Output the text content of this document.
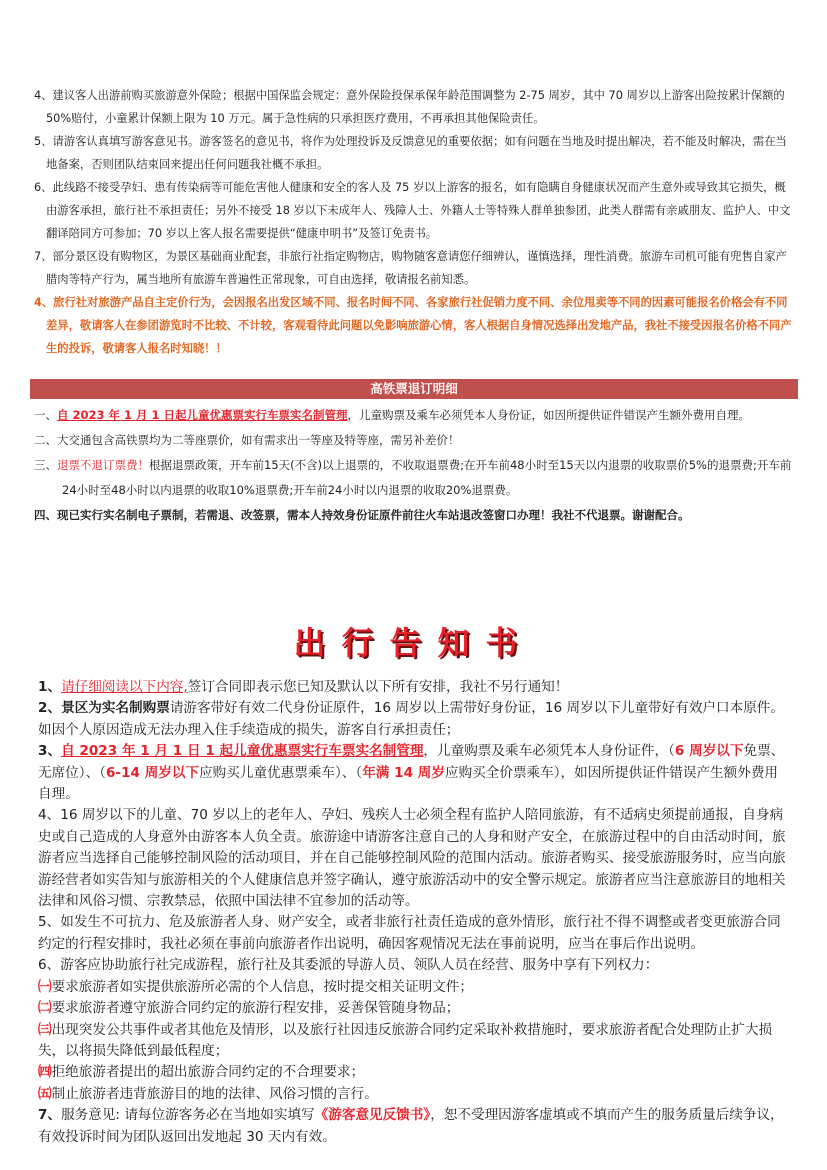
4、建议客人出游前购买旅游意外保险；根据中国保监会规定：意外保险投保承保年龄范围调整为 2-75 周岁，其中 70 周岁以上游客出险按累计保额的 50%赔付，小童累计保额上限为 10 万元。属于急性病的只承担医疗费用，不再承担其他保险责任。

5、请游客认真填写游客意见书。游客签名的意见书，将作为处理投诉及反馈意见的重要依据；如有问题在当地及时提出解决，若不能及时解决，需在当地备案，否则团队结束回来提出任何问题我社概不承担。

6、此线路不接受孕妇、患有传染病等可能危害他人健康和安全的客人及 75 岁以上游客的报名，如有隐瞒自身健康状况而产生意外或导致其它损失，概由游客承担，旅行社不承担责任；另外不接受 18 岁以下未成年人、残障人士、外籍人士等特殊人群单独参团，此类人群需有亲戚朋友、监护人、中文翻译陪同方可参加；70 岁以上客人报名需要提供“健康申明书”及签订免责书。

7、部分景区设有购物区，为景区基础商业配套，非旅行社指定购物店，购物随客意请您仔细辨认，谨慎选择，理性消费。旅游车司机可能有兜售自家产腊肉等特产行为，属当地所有旅游车普遍性正常现象，可自由选择，敬请报名前知悉。

4、旅行社对旅游产品自主定价行为，会因报名出发区域不同、报名时间不同、各家旅行社促销力度不同、余位甩卖等不同的因素可能报名价格会有不同差异，敬请客人在参团游览时不比较、不计较，客观看待此问题以免影响旅游心情，客人根据自身情况选择出发地产品，我社不接受因报名价格不同产生的投诉，敬请客人报名时知晓！！

高铁票退订明细

一、自 2023 年 1 月 1 日起儿童优惠票实行车票实名制管理，儿童购票及乘车必须凭本人身份证，如因所提供证件错误产生额外费用自理。

二、大交通包含高铁票均为二等座票价，如有需求出一等座及特等座，需另补差价！

三、退票不退订票费！根据退票政策，开车前15天(不含)以上退票的，不收取退票费;在开车前48小时至15天以内退票的收取票价5%的退票费;开车前24小时至48小时以内退票的收取10%退票费;开车前24小时以内退票的收取20%退票费。

四、现已实行实名制电子票制，若需退、改签票，需本人持效身份证原件前往火车站退改签窗口办理！我社不代退票。谢谢配合。

出行告知书

1、请仔细阅读以下内容,签订合同即表示您已知及默认以下所有安排，我社不另行通知！

2、景区为实名制购票请游客带好有效二代身份证原件，16 周岁以上需带好身份证，16 周岁以下儿童带好有效户口本原件。如因个人原因造成无法办理入住手续造成的损失，游客自行承担责任；

3、自 2023 年 1 月 1 日 1 起儿童优惠票实行车票实名制管理，儿童购票及乘车必须凭本人身份证件，（6 周岁以下免票、无席位）、（6-14 周岁以下应购买儿童优惠票乘车）、（年满 14 周岁应购买全价票乘车），如因所提供证件错误产生额外费用自理。

4、16 周岁以下的儿童、70 岁以上的老年人、孕妇、残疾人士必须全程有监护人陪同旅游，有不适病史须提前通报，自身病史或自己造成的人身意外由游客本人负全责。旅游途中请游客注意自己的人身和财产安全，在旅游过程中的自由活动时间，旅游者应当选择自己能够控制风险的活动项目，并在自己能够控制风险的范围内活动。旅游者购买、接受旅游服务时，应当向旅游经营者如实告知与旅游相关的个人健康信息并签字确认，遵守旅游活动中的安全警示规定。旅游者应当注意旅游目的地相关法律和风俗习惯、宗教禁忌，依照中国法律不宜参加的活动等。

5、如发生不可抗力、危及旅游者人身、财产安全，或者非旅行社责任造成的意外情形，旅行社不得不调整或者变更旅游合同约定的行程安排时，我社必须在事前向旅游者作出说明，确因客观情况无法在事前说明，应当在事后作出说明。

6、游客应协助旅行社完成游程，旅行社及其委派的导游人员、领队人员在经营、服务中享有下列权力：

㈠要求旅游者如实提供旅游所必需的个人信息，按时提交相关证明文件；

㈡要求旅游者遵守旅游合同约定的旅游行程安排，妥善保管随身物品；

㈢出现突发公共事件或者其他危及情形，以及旅行社因违反旅游合同约定采取补救措施时，要求旅游者配合处理防止扩大损失，以将损失降低到最低程度；

㈣拒绝旅游者提出的超出旅游合同约定的不合理要求；

㈤制止旅游者违背旅游目的地的法律、风俗习惯的言行。

7、服务意见: 请每位游客务必在当地如实填写《游客意见反馈书》，恕不受理因游客虚填或不填而产生的服务质量后续争议，有效投诉时间为团队返回出发地起 30 天内有效。
